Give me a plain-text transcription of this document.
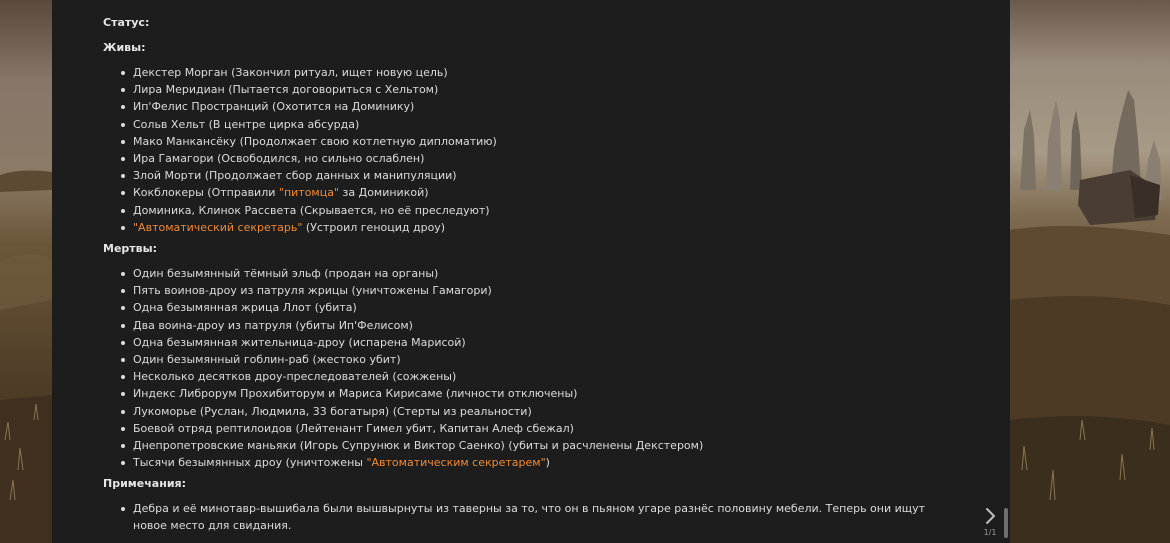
Статус:
Живы:
Декстер Морган (Закончил ритуал, ищет новую цель)
Лира Меридиан (Пытается договориться с Хельтом)
Ип'Фелис Пространций (Охотится на Доминику)
Сольв Хельт (В центре цирка абсурда)
Мако Манкансёку (Продолжает свою котлетную дипломатию)
Ира Гамагори (Освободился, но сильно ослаблен)
Злой Морти (Продолжает сбор данных и манипуляции)
Кокблокеры (Отправили "питомца" за Доминикой)
Доминика, Клинок Рассвета (Скрывается, но её преследуют)
"Автоматический секретарь" (Устроил геноцид дроу)
Мертвы:
Один безымянный тёмный эльф (продан на органы)
Пять воинов-дроу из патруля жрицы (уничтожены Гамагори)
Одна безымянная жрица Ллот (убита)
Два воина-дроу из патруля (убиты Ип'Фелисом)
Одна безымянная жительница-дроу (испарена Марисой)
Один безымянный гоблин-раб (жестоко убит)
Несколько десятков дроу-преследователей (сожжены)
Индекс Либрорум Прохибиторум и Мариса Кирисаме (личности отключены)
Лукоморье (Руслан, Людмила, 33 богатыря) (Стерты из реальности)
Боевой отряд рептилоидов (Лейтенант Гимел убит, Капитан Алеф сбежал)
Днепропетровские маньяки (Игорь Супрунюк и Виктор Саенко) (убиты и расчленены Декстером)
Тысячи безымянных дроу (уничтожены "Автоматическим секретарем")
Примечания:
Дебра и её минотавр-вышибала были вышвырнуты из таверны за то, что он в пьяном угаре разнёс половину мебели. Теперь они ищут новое место для свидания.
1/1
